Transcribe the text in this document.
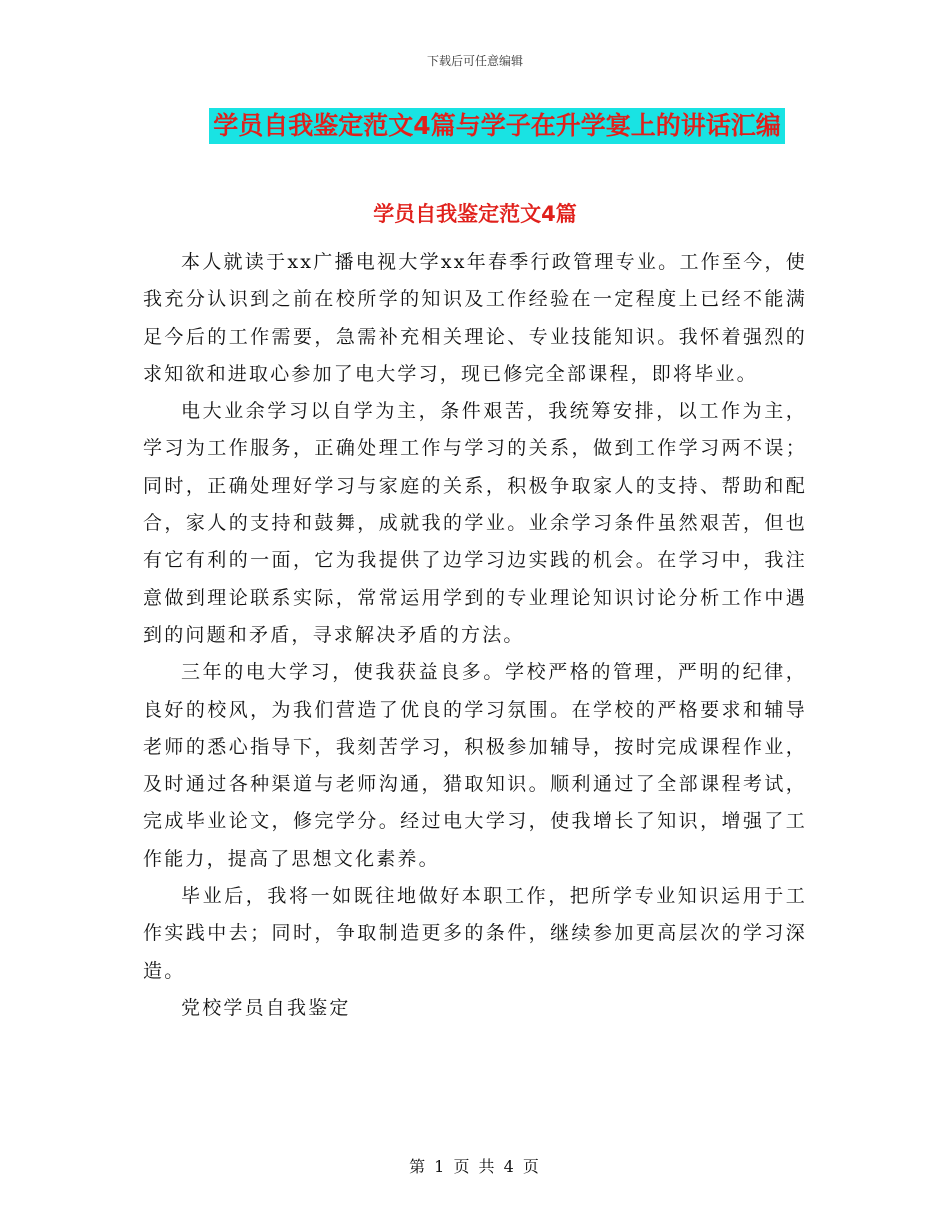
下载后可任意编辑
学员自我鉴定范文4篇与学子在升学宴上的讲话汇编
学员自我鉴定范文4篇

本人就读于xx广播电视大学xx年春季行政管理专业。工作至今，使我充分认识到之前在校所学的知识及工作经验在一定程度上已经不能满足今后的工作需要，急需补充相关理论、专业技能知识。我怀着强烈的求知欲和进取心参加了电大学习，现已修完全部课程，即将毕业。

电大业余学习以自学为主，条件艰苦，我统筹安排，以工作为主，学习为工作服务，正确处理工作与学习的关系，做到工作学习两不误；同时，正确处理好学习与家庭的关系，积极争取家人的支持、帮助和配合，家人的支持和鼓舞，成就我的学业。业余学习条件虽然艰苦，但也有它有利的一面，它为我提供了边学习边实践的机会。在学习中，我注意做到理论联系实际，常常运用学到的专业理论知识讨论分析工作中遇到的问题和矛盾，寻求解决矛盾的方法。

三年的电大学习，使我获益良多。学校严格的管理，严明的纪律，良好的校风，为我们营造了优良的学习氛围。在学校的严格要求和辅导老师的悉心指导下，我刻苦学习，积极参加辅导，按时完成课程作业，及时通过各种渠道与老师沟通，猎取知识。顺利通过了全部课程考试，完成毕业论文，修完学分。经过电大学习，使我增长了知识，增强了工作能力，提高了思想文化素养。

毕业后，我将一如既往地做好本职工作，把所学专业知识运用于工作实践中去；同时，争取制造更多的条件，继续参加更高层次的学习深造。

党校学员自我鉴定

第 1 页 共 4 页
